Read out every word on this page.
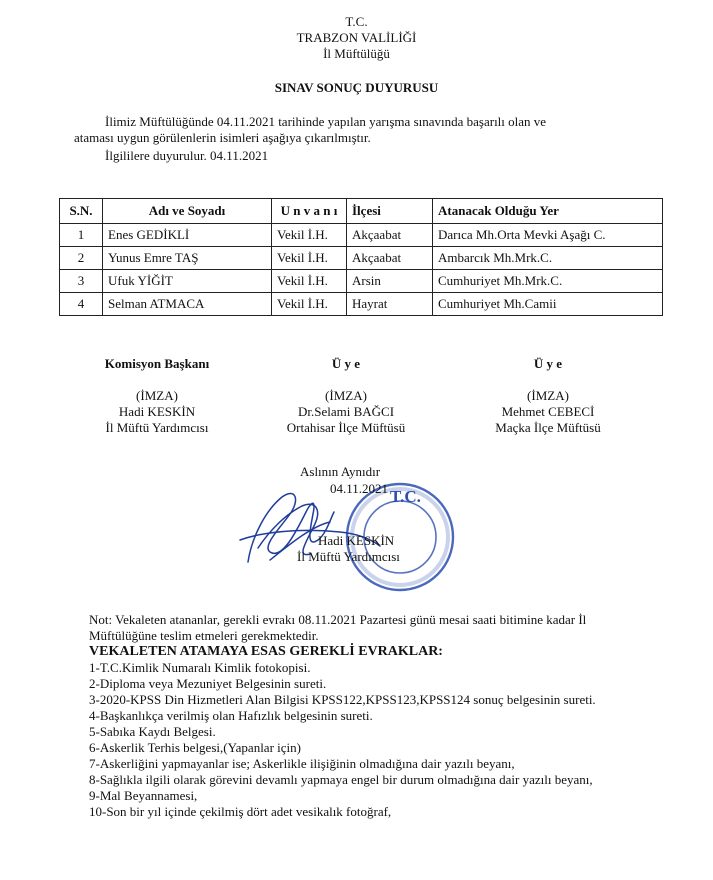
T.C.
TRABZON VALİLİĞİ
İl Müftülüğü
SINAV SONUÇ DUYURUSU
İlimiz Müftülüğünde 04.11.2021 tarihinde yapılan yarışma sınavında başarılı olan ve
ataması uygun görülenlerin isimleri aşağıya çıkarılmıştır.
İlgililere duyurulur. 04.11.2021
S.N.	Adı ve Soyadı	U n v a n ı	İlçesi	Atanacak Olduğu Yer
1	Enes GEDİKLİ	Vekil İ.H.	Akçaabat	Darıca Mh.Orta Mevki Aşağı C.
2	Yunus Emre TAŞ	Vekil İ.H.	Akçaabat	Ambarcık Mh.Mrk.C.
3	Ufuk YİĞİT	Vekil İ.H.	Arsin	Cumhuriyet Mh.Mrk.C.
4	Selman ATMACA	Vekil İ.H.	Hayrat	Cumhuriyet Mh.Camii
Komisyon Başkanı
(İMZA)
Hadi KESKİN
İl Müftü Yardımcısı
Ü y e
(İMZA)
Dr.Selami BAĞCI
Ortahisar İlçe Müftüsü
Ü y e
(İMZA)
Mehmet CEBECİ
Maçka İlçe Müftüsü
T.C.
Aslının Aynıdır
04.11.2021
Hadi KESKİN
İl Müftü Yardımcısı
Not: Vekaleten atananlar, gerekli evrakı 08.11.2021 Pazartesi günü mesai saati bitimine kadar İl
Müftülüğüne teslim etmeleri gerekmektedir.
VEKALETEN ATAMAYA ESAS GEREKLİ EVRAKLAR:
1-T.C.Kimlik Numaralı Kimlik fotokopisi.
2-Diploma veya Mezuniyet Belgesinin sureti.
3-2020-KPSS Din Hizmetleri Alan Bilgisi KPSS122,KPSS123,KPSS124 sonuç belgesinin sureti.
4-Başkanlıkça verilmiş olan Hafızlık belgesinin sureti.
5-Sabıka Kaydı Belgesi.
6-Askerlik Terhis belgesi,(Yapanlar için)
7-Askerliğini yapmayanlar ise; Askerlikle ilişiğinin olmadığına dair yazılı beyanı,
8-Sağlıkla ilgili olarak görevini devamlı yapmaya engel bir durum olmadığına dair yazılı beyanı,
9-Mal Beyannamesi,
10-Son bir yıl içinde çekilmiş dört adet vesikalık fotoğraf,
